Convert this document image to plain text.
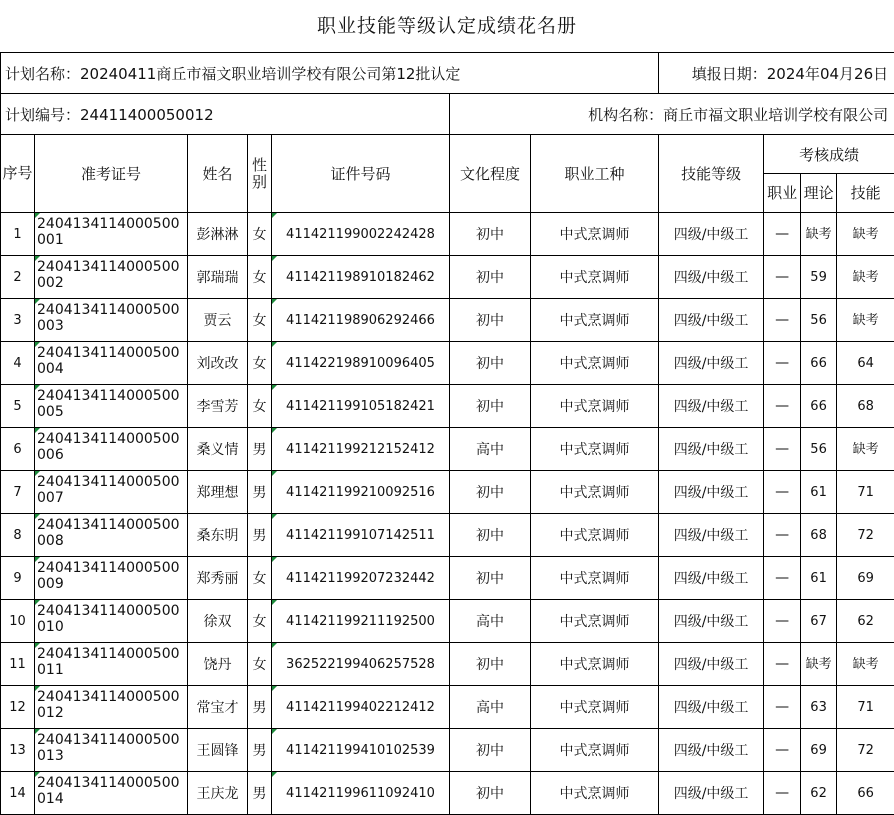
职业技能等级认定成绩花名册
计划名称：20240411商丘市福文职业培训学校有限公司第12批认定							填报日期：2024年04月26日			
计划编号：24411400050012					机构名称：商丘市福文职业培训学校有限公司					
序号	准考证号	姓名	性别	证件号码	文化程度	职业工种	技能等级	考核成绩		
								职业	理论	技能
1	2404134114000500001	彭淋淋	女	411421199002242428	初中	中式烹调师	四级/中级工	—	缺考	缺考
2	2404134114000500002	郭瑞瑞	女	411421198910182462	初中	中式烹调师	四级/中级工	—	59	缺考
3	2404134114000500003	贾云	女	411421198906292466	初中	中式烹调师	四级/中级工	—	56	缺考
4	2404134114000500004	刘改改	女	411422198910096405	初中	中式烹调师	四级/中级工	—	66	64
5	2404134114000500005	李雪芳	女	411421199105182421	初中	中式烹调师	四级/中级工	—	66	68
6	2404134114000500006	桑义情	男	411421199212152412	高中	中式烹调师	四级/中级工	—	56	缺考
7	2404134114000500007	郑理想	男	411421199210092516	初中	中式烹调师	四级/中级工	—	61	71
8	2404134114000500008	桑东明	男	411421199107142511	初中	中式烹调师	四级/中级工	—	68	72
9	2404134114000500009	郑秀丽	女	411421199207232442	初中	中式烹调师	四级/中级工	—	61	69
10	2404134114000500010	徐双	女	411421199211192500	高中	中式烹调师	四级/中级工	—	67	62
11	2404134114000500011	饶丹	女	362522199406257528	初中	中式烹调师	四级/中级工	—	缺考	缺考
12	2404134114000500012	常宝才	男	411421199402212412	高中	中式烹调师	四级/中级工	—	63	71
13	2404134114000500013	王圆锋	男	411421199410102539	初中	中式烹调师	四级/中级工	—	69	72
14	2404134114000500014	王庆龙	男	411421199611092410	初中	中式烹调师	四级/中级工	—	62	66
